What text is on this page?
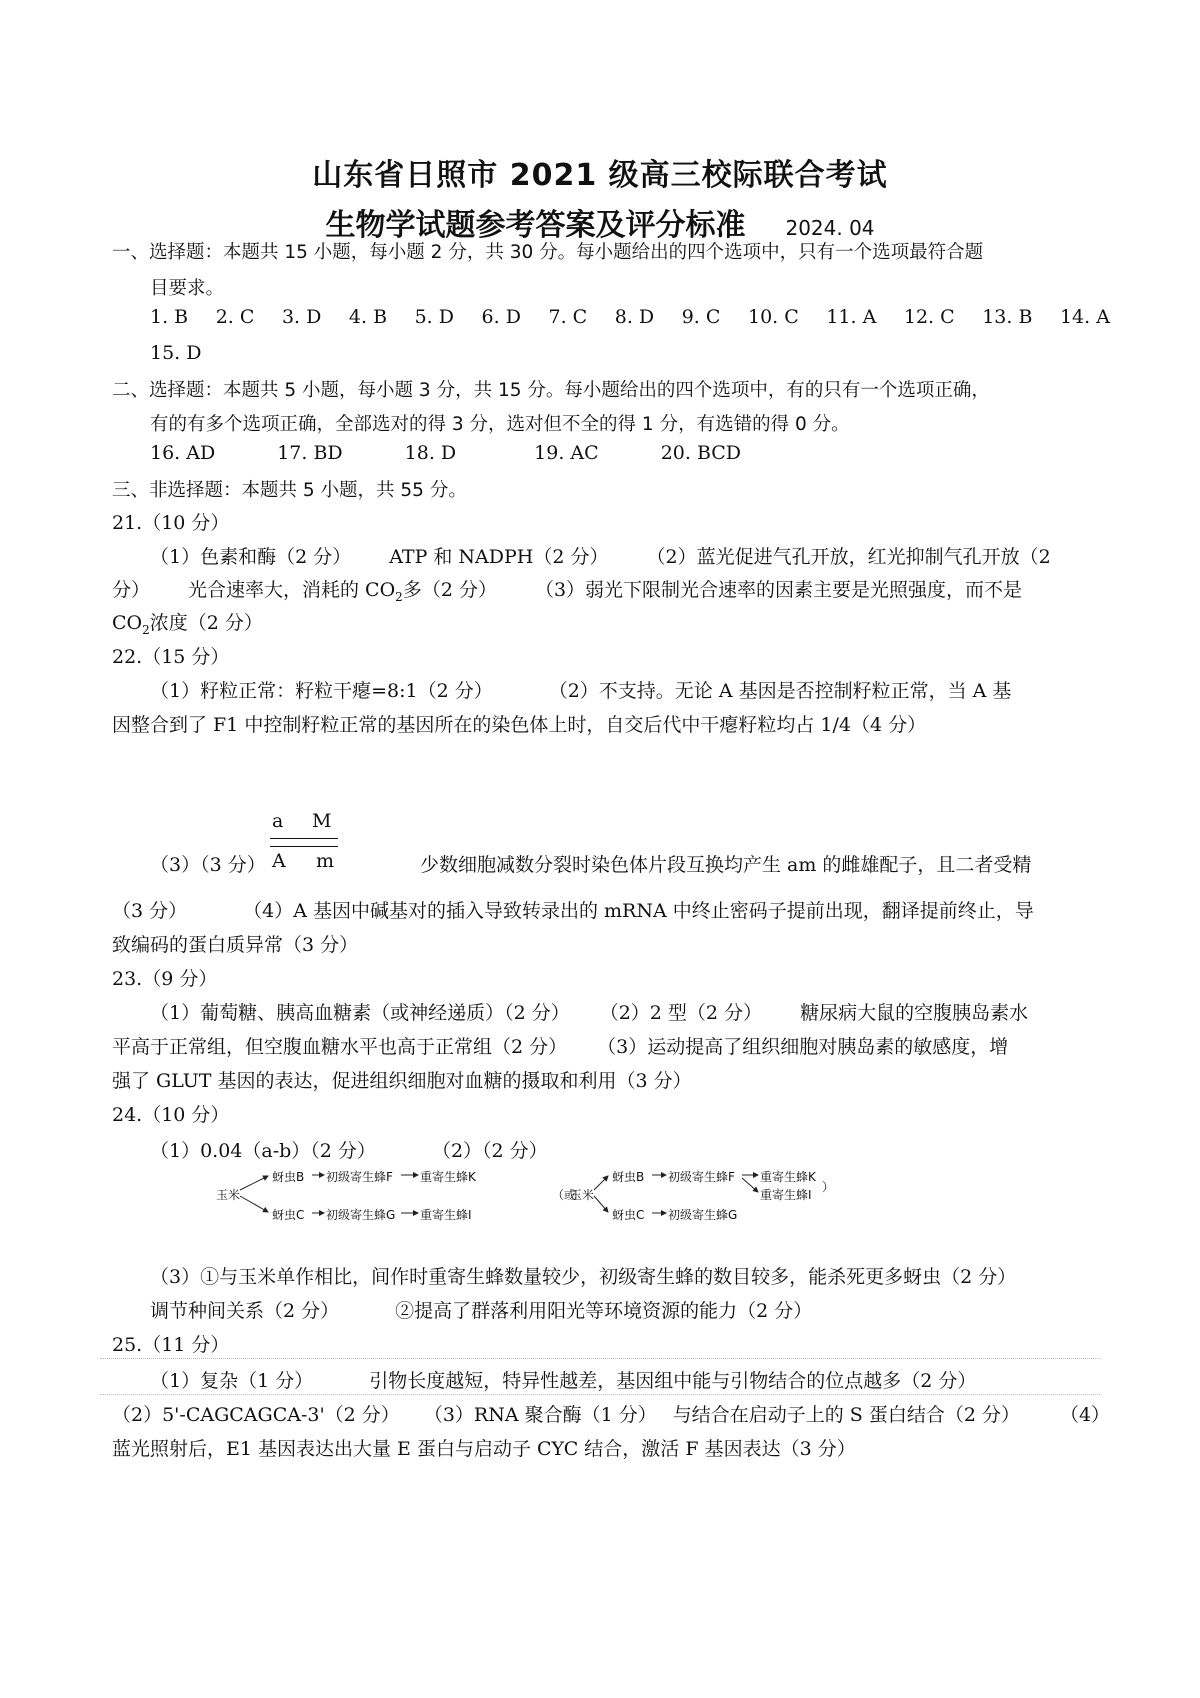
山东省日照市 2021 级高三校际联合考试
生物学试题参考答案及评分标准 2024. 04
一、选择题：本题共 15 小题，每小题 2 分，共 30 分。每小题给出的四个选项中，只有一个选项最符合题
目要求。
1. B 2. C 3. D 4. B 5. D 6. D 7. C 8. D 9. C 10. C 11. A 12. C 13. B 14. A
15. D
二、选择题：本题共 5 小题，每小题 3 分，共 15 分。每小题给出的四个选项中，有的只有一个选项正确，
有的有多个选项正确，全部选对的得 3 分，选对但不全的得 1 分，有选错的得 0 分。
16. AD	17. BD	18. D	19. AC	20. BCD
三、非选择题：本题共 5 小题，共 55 分。
21.（10 分）
（1）色素和酶（2 分） ATP 和 NADPH（2 分） （2）蓝光促进气孔开放，红光抑制气孔开放（2
分） 光合速率大，消耗的 $CO_2$多（2 分） （3）弱光下限制光合速率的因素主要是光照强度，而不是
$CO_2$浓度（2 分）
22.（15 分）
（1）籽粒正常：籽粒干瘪=8:1（2 分）	（2）不支持。无论 A 基因是否控制籽粒正常，当 A 基
因整合到了 F1 中控制籽粒正常的基因所在的染色体上时，自交后代中干瘪籽粒均占 1/4（4 分）
a M
A m
（3）（3 分）	少数细胞减数分裂时染色体片段互换均产生 am 的雌雄配子，且二者受精
（3 分）	（4）A 基因中碱基对的插入导致转录出的 mRNA 中终止密码子提前出现，翻译提前终止，导
致编码的蛋白质异常（3 分）
23.（9 分）
（1）葡萄糖、胰高血糖素（或神经递质）（2 分） （2）2 型（2 分） 糖尿病大鼠的空腹胰岛素水
平高于正常组，但空腹血糖水平也高于正常组（2 分） （3）运动提高了组织细胞对胰岛素的敏感度，增
强了 GLUT 基因的表达，促进组织细胞对血糖的摄取和利用（3 分）
24.（10 分）
（1）0.04（a-b）（2 分）	（2）（2 分）
玉米
蚜虫B
蚜虫C
初级寄生蜂F
初级寄生蜂G
重寄生蜂K
重寄生蜂I
（或
玉米
蚜虫B
蚜虫C
初级寄生蜂F
初级寄生蜂G
重寄生蜂K
重寄生蜂I
）
（3）①与玉米单作相比，间作时重寄生蜂数量较少，初级寄生蜂的数目较多，能杀死更多蚜虫（2 分）
调节种间关系（2 分）	②提高了群落利用阳光等环境资源的能力（2 分）
25.（11 分）
（1）复杂（1 分）	引物长度越短，特异性越差，基因组中能与引物结合的位点越多（2 分）
（2）5'-CAGCAGCA-3'（2 分） （3）RNA 聚合酶（1 分） 与结合在启动子上的 S 蛋白结合（2 分） （4）
蓝光照射后，E1 基因表达出大量 E 蛋白与启动子 CYC 结合，激活 F 基因表达（3 分）
